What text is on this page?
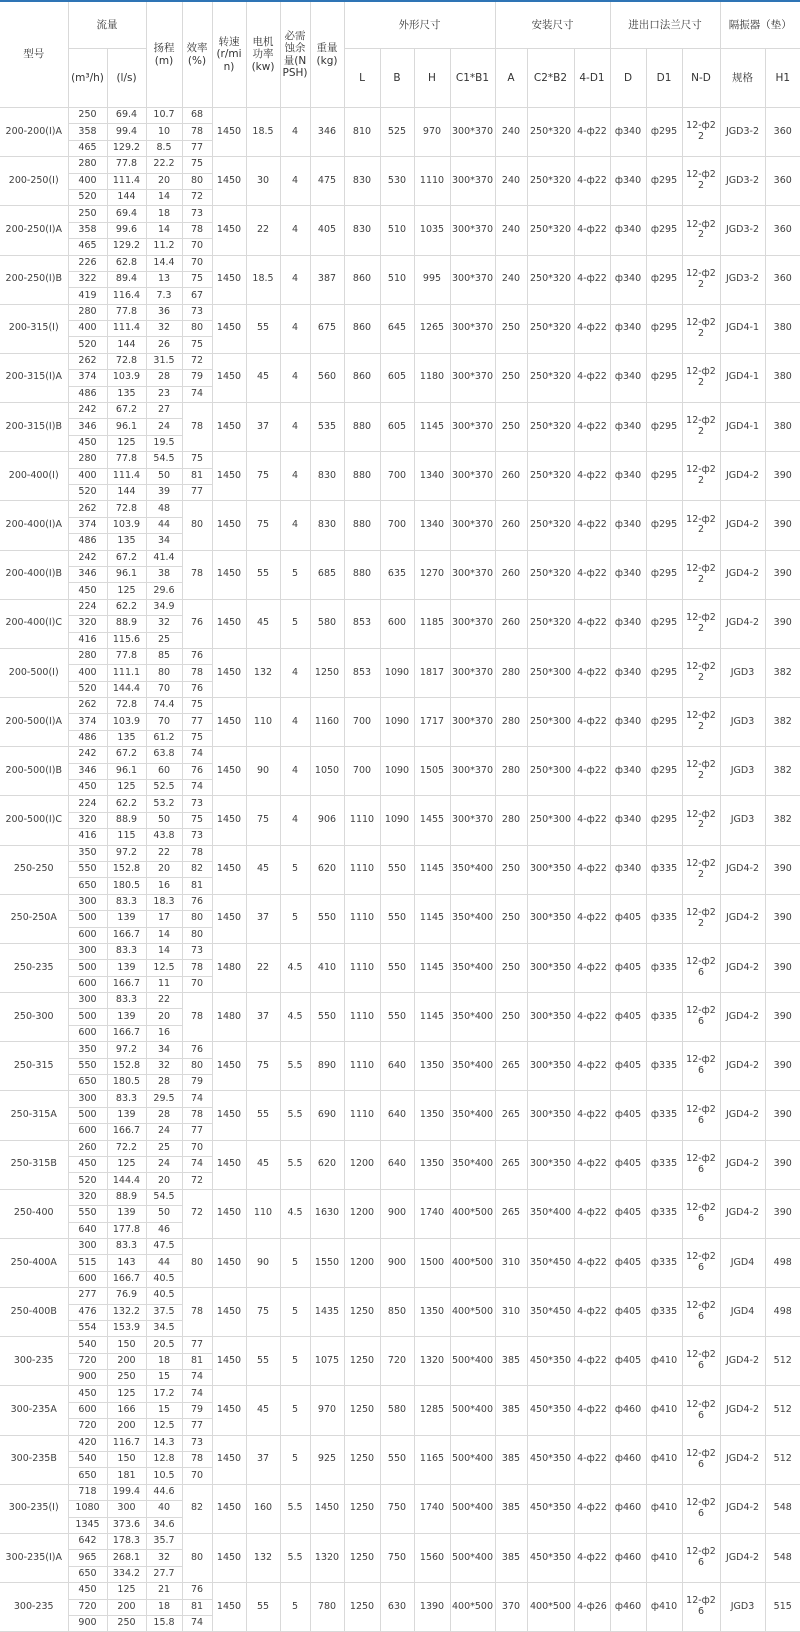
型号	流量		扬程(m)	效率(%)	转速(r/min)	电机功率(kw)	必需蚀余量(NPSH)	重量(kg)	外形尺寸				安装尺寸			进出口法兰尺寸			隔振器（垫）	
	(m³/h)	(l/s)							L	B	H	C1*B1	A	C2*B2	4-D1	D	D1	N-D	规格	H1
200-200(I)A	250	69.4	10.7	68	1450	18.5	4	346	810	525	970	300*370	240	250*320	4-ф22	ф340	ф295	12-ф22	JGD3-2	360
	358	99.4	10	78																
	465	129.2	8.5	77																
200-250(I)	280	77.8	22.2	75	1450	30	4	475	830	530	1110	300*370	240	250*320	4-ф22	ф340	ф295	12-ф22	JGD3-2	360
	400	111.4	20	80																
	520	144	14	72																
200-250(I)A	250	69.4	18	73	1450	22	4	405	830	510	1035	300*370	240	250*320	4-ф22	ф340	ф295	12-ф22	JGD3-2	360
	358	99.6	14	78																
	465	129.2	11.2	70																
200-250(I)B	226	62.8	14.4	70	1450	18.5	4	387	860	510	995	300*370	240	250*320	4-ф22	ф340	ф295	12-ф22	JGD3-2	360
	322	89.4	13	75																
	419	116.4	7.3	67																
200-315(I)	280	77.8	36	73	1450	55	4	675	860	645	1265	300*370	250	250*320	4-ф22	ф340	ф295	12-ф22	JGD4-1	380
	400	111.4	32	80																
	520	144	26	75																
200-315(I)A	262	72.8	31.5	72	1450	45	4	560	860	605	1180	300*370	250	250*320	4-ф22	ф340	ф295	12-ф22	JGD4-1	380
	374	103.9	28	79																
	486	135	23	74																
200-315(I)B	242	67.2	27	78	1450	37	4	535	880	605	1145	300*370	250	250*320	4-ф22	ф340	ф295	12-ф22	JGD4-1	380
	346	96.1	24																	
	450	125	19.5																	
200-400(I)	280	77.8	54.5	75	1450	75	4	830	880	700	1340	300*370	260	250*320	4-ф22	ф340	ф295	12-ф22	JGD4-2	390
	400	111.4	50	81																
	520	144	39	77																
200-400(I)A	262	72.8	48	80	1450	75	4	830	880	700	1340	300*370	260	250*320	4-ф22	ф340	ф295	12-ф22	JGD4-2	390
	374	103.9	44																	
	486	135	34																	
200-400(I)B	242	67.2	41.4	78	1450	55	5	685	880	635	1270	300*370	260	250*320	4-ф22	ф340	ф295	12-ф22	JGD4-2	390
	346	96.1	38																	
	450	125	29.6																	
200-400(I)C	224	62.2	34.9	76	1450	45	5	580	853	600	1185	300*370	260	250*320	4-ф22	ф340	ф295	12-ф22	JGD4-2	390
	320	88.9	32																	
	416	115.6	25																	
200-500(I)	280	77.8	85	76	1450	132	4	1250	853	1090	1817	300*370	280	250*300	4-ф22	ф340	ф295	12-ф22	JGD3	382
	400	111.1	80	78																
	520	144.4	70	76																
200-500(I)A	262	72.8	74.4	75	1450	110	4	1160	700	1090	1717	300*370	280	250*300	4-ф22	ф340	ф295	12-ф22	JGD3	382
	374	103.9	70	77																
	486	135	61.2	75																
200-500(I)B	242	67.2	63.8	74	1450	90	4	1050	700	1090	1505	300*370	280	250*300	4-ф22	ф340	ф295	12-ф22	JGD3	382
	346	96.1	60	76																
	450	125	52.5	74																
200-500(I)C	224	62.2	53.2	73	1450	75	4	906	1110	1090	1455	300*370	280	250*300	4-ф22	ф340	ф295	12-ф22	JGD3	382
	320	88.9	50	75																
	416	115	43.8	73																
250-250	350	97.2	22	78	1450	45	5	620	1110	550	1145	350*400	250	300*350	4-ф22	ф340	ф335	12-ф22	JGD4-2	390
	550	152.8	20	82																
	650	180.5	16	81																
250-250A	300	83.3	18.3	76	1450	37	5	550	1110	550	1145	350*400	250	300*350	4-ф22	ф405	ф335	12-ф22	JGD4-2	390
	500	139	17	80																
	600	166.7	14	80																
250-235	300	83.3	14	73	1480	22	4.5	410	1110	550	1145	350*400	250	300*350	4-ф22	ф405	ф335	12-ф26	JGD4-2	390
	500	139	12.5	78																
	600	166.7	11	70																
250-300	300	83.3	22	78	1480	37	4.5	550	1110	550	1145	350*400	250	300*350	4-ф22	ф405	ф335	12-ф26	JGD4-2	390
	500	139	20																	
	600	166.7	16																	
250-315	350	97.2	34	76	1450	75	5.5	890	1110	640	1350	350*400	265	300*350	4-ф22	ф405	ф335	12-ф26	JGD4-2	390
	550	152.8	32	80																
	650	180.5	28	79																
250-315A	300	83.3	29.5	74	1450	55	5.5	690	1110	640	1350	350*400	265	300*350	4-ф22	ф405	ф335	12-ф26	JGD4-2	390
	500	139	28	78																
	600	166.7	24	77																
250-315B	260	72.2	25	70	1450	45	5.5	620	1200	640	1350	350*400	265	300*350	4-ф22	ф405	ф335	12-ф26	JGD4-2	390
	450	125	24	74																
	520	144.4	20	72																
250-400	320	88.9	54.5	72	1450	110	4.5	1630	1200	900	1740	400*500	265	350*400	4-ф22	ф405	ф335	12-ф26	JGD4-2	390
	550	139	50																	
	640	177.8	46																	
250-400A	300	83.3	47.5	80	1450	90	5	1550	1200	900	1500	400*500	310	350*450	4-ф22	ф405	ф335	12-ф26	JGD4	498
	515	143	44																	
	600	166.7	40.5																	
250-400B	277	76.9	40.5	78	1450	75	5	1435	1250	850	1350	400*500	310	350*450	4-ф22	ф405	ф335	12-ф26	JGD4	498
	476	132.2	37.5																	
	554	153.9	34.5																	
300-235	540	150	20.5	77	1450	55	5	1075	1250	720	1320	500*400	385	450*350	4-ф22	ф405	ф410	12-ф26	JGD4-2	512
	720	200	18	81																
	900	250	15	74																
300-235A	450	125	17.2	74	1450	45	5	970	1250	580	1285	500*400	385	450*350	4-ф22	ф460	ф410	12-ф26	JGD4-2	512
	600	166	15	79																
	720	200	12.5	77																
300-235B	420	116.7	14.3	73	1450	37	5	925	1250	550	1165	500*400	385	450*350	4-ф22	ф460	ф410	12-ф26	JGD4-2	512
	540	150	12.8	78																
	650	181	10.5	70																
300-235(I)	718	199.4	44.6	82	1450	160	5.5	1450	1250	750	1740	500*400	385	450*350	4-ф22	ф460	ф410	12-ф26	JGD4-2	548
	1080	300	40																	
	1345	373.6	34.6																	
300-235(I)A	642	178.3	35.7	80	1450	132	5.5	1320	1250	750	1560	500*400	385	450*350	4-ф22	ф460	ф410	12-ф26	JGD4-2	548
	965	268.1	32																	
	650	334.2	27.7																	
300-235	450	125	21	76	1450	55	5	780	1250	630	1390	400*500	370	400*500	4-ф26	ф460	ф410	12-ф26	JGD3	515
	720	200	18	81																
	900	250	15.8	74																
